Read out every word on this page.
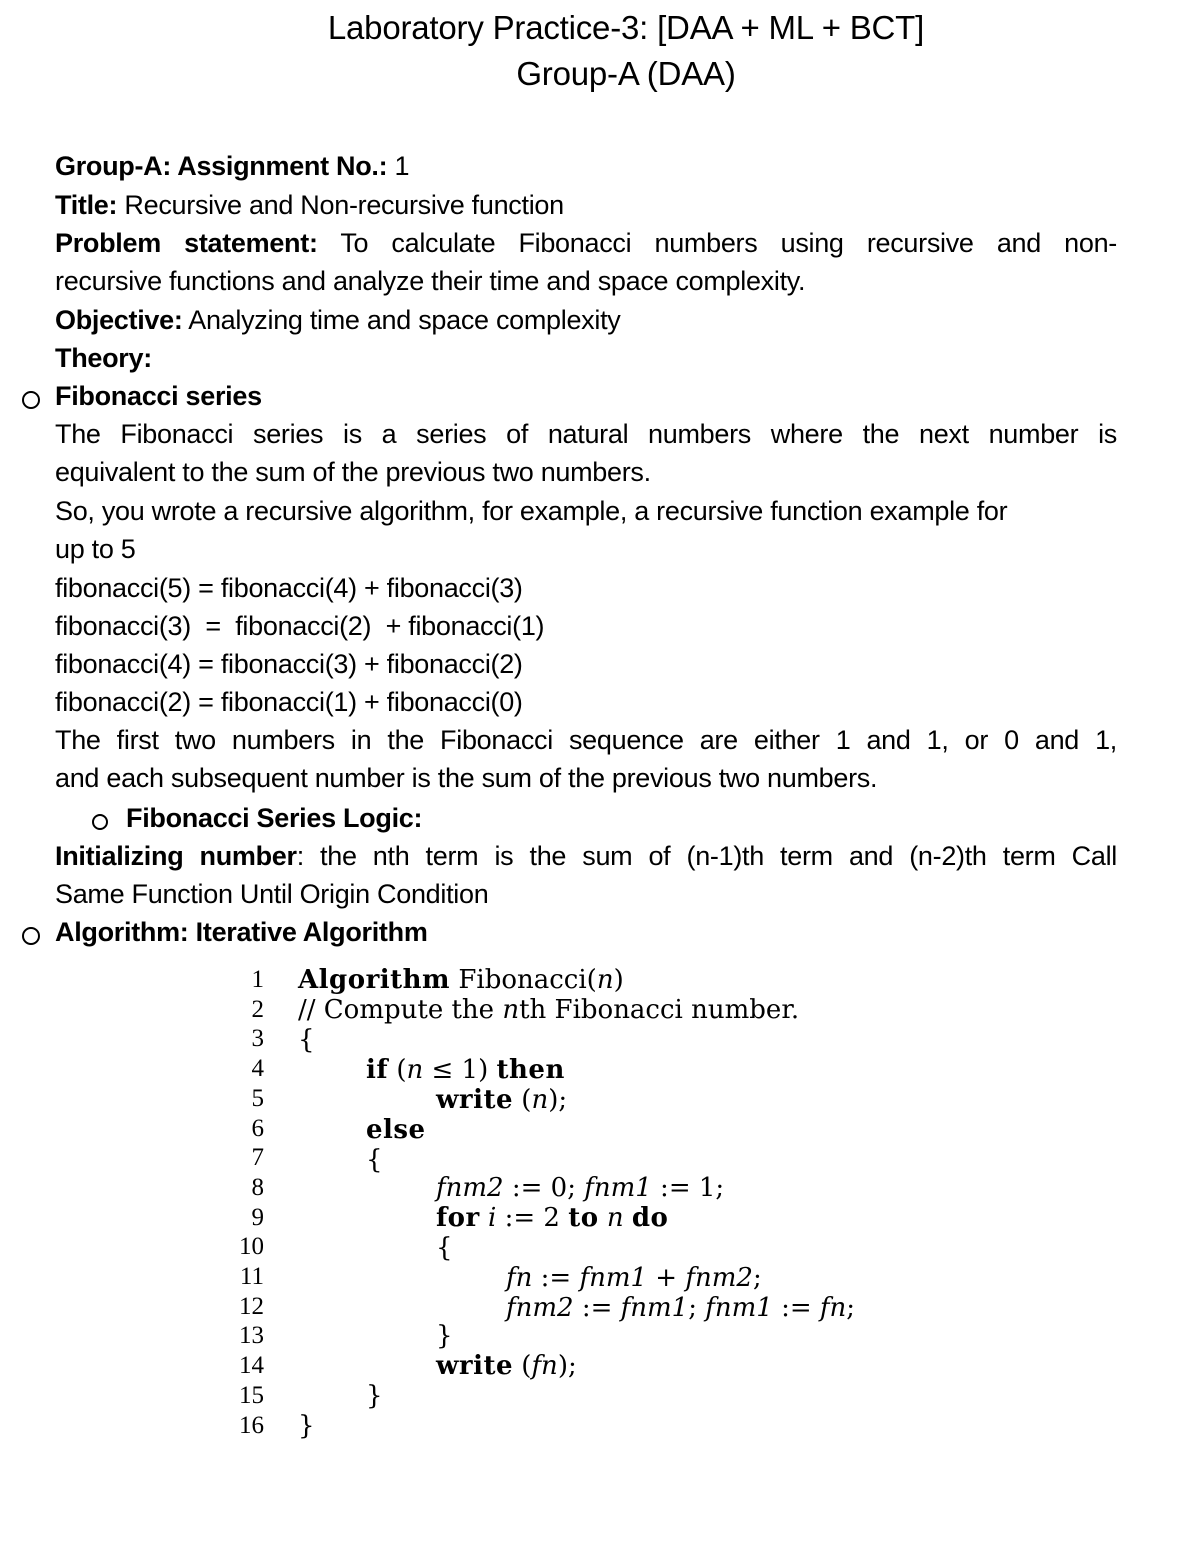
Laboratory Practice-3: [DAA + ML + BCT]
Group-A (DAA)
Group-A: Assignment No.: 1
Title: Recursive and Non-recursive function
Problem statement: To calculate Fibonacci numbers using recursive and non-
recursive functions and analyze their time and space complexity.
Objective: Analyzing time and space complexity
Theory:
Fibonacci series
The Fibonacci series is a series of natural numbers where the next number is
equivalent to the sum of the previous two numbers.
So, you wrote a recursive algorithm, for example, a recursive function example for
up to 5
fibonacci(5) = fibonacci(4) + fibonacci(3)
fibonacci(3)  =  fibonacci(2)  + fibonacci(1)
fibonacci(4) = fibonacci(3) + fibonacci(2)
fibonacci(2) = fibonacci(1) + fibonacci(0)
The first two numbers in the Fibonacci sequence are either 1 and 1, or 0 and 1,
and each subsequent number is the sum of the previous two numbers.
Fibonacci Series Logic:
Initializing number: the nth term is the sum of (n-1)th term and (n-2)th term Call
Same Function Until Origin Condition
Algorithm: Iterative Algorithm
1
2
3
4
5
6
7
8
9
10
11
12
13
14
15
16
Algorithm Fibonacci(n)
// Compute the nth Fibonacci number.
{
if (n ≤ 1) then
write (n);
else
{
fnm2 := 0; fnm1 := 1;
for i := 2 to n do
{
fn := fnm1 + fnm2;
fnm2 := fnm1; fnm1 := fn;
}
write (fn);
}
}
